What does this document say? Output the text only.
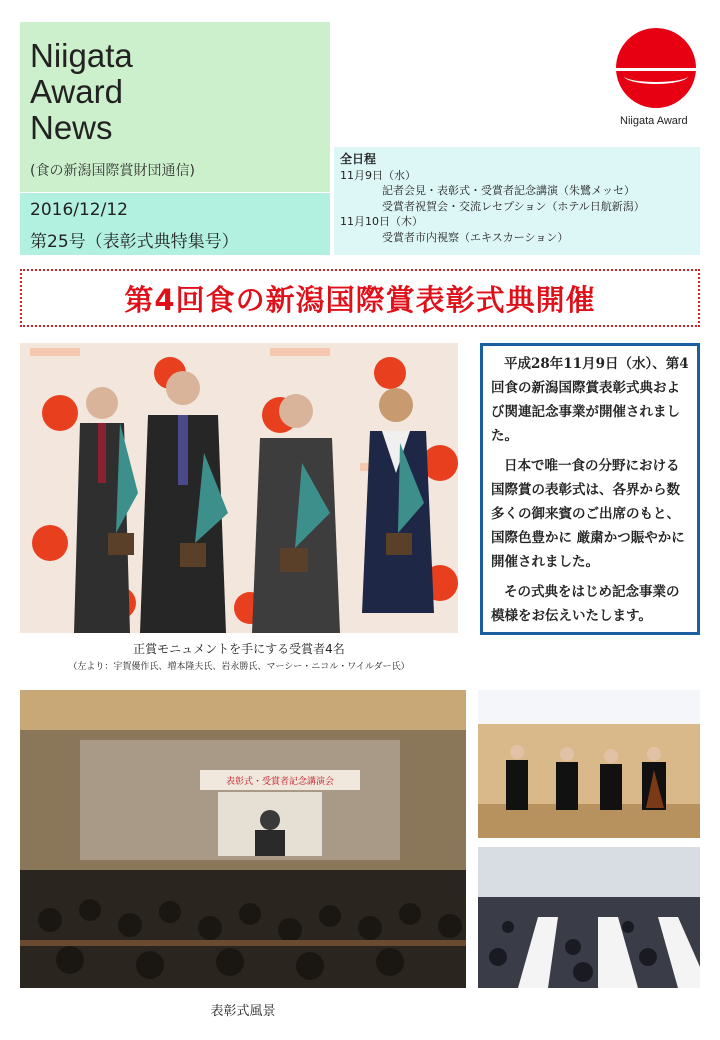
Niigata
Award
News
(食の新潟国際賞財団通信)
2016/12/12
第25号（表彰式典特集号）
全日程
11月9日（水）
記者会見・表彰式・受賞者記念講演（朱鷺メッセ）
受賞者祝賀会・交流レセプション（ホテル日航新潟）
11月10日（木）
受賞者市内視察（エキスカーション）
Niigata Award
第4回食の新潟国際賞表彰式典開催
正賞モニュメントを手にする受賞者4名
（左より：宇賀優作氏、増本隆夫氏、岩永勝氏、マーシー・ニコル・ワイルダー氏）

平成28年11月9日（水）、第4回食の新潟国際賞表彰式典および関連記念事業が開催されました。

日本で唯一食の分野における国際賞の表彰式は、各界から数多くの御来賓のご出席のもと、国際色豊かに 厳粛かつ賑やかに開催されました。

その式典をはじめ記念事業の模様をお伝えいたします。

表彰式・受賞者記念講演会
表彰式風景
